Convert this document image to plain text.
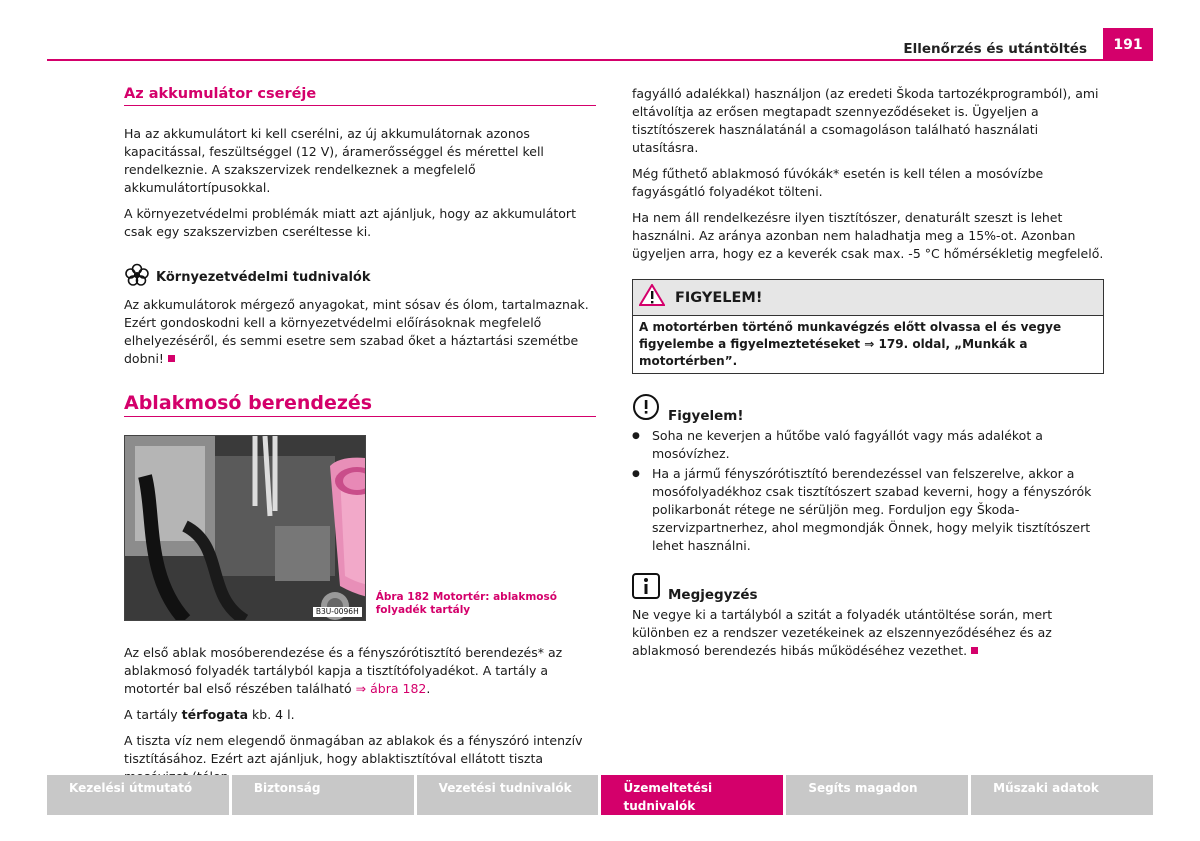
Ellenőrzés és utántöltés	191
Az akkumulátor cseréje

Ha az akkumulátort ki kell cserélni, az új akkumulátornak azonos kapacitással, feszültséggel (12 V), áramerősséggel és mérettel kell rendelkeznie. A szakszervizek rendelkeznek a megfelelő akkumulátortípusokkal.

A környezetvédelmi problémák miatt azt ajánljuk, hogy az akkumulátort csak egy szakszervizben cseréltesse ki.

Környezetvédelmi tudnivalók

Az akkumulátorok mérgező anyagokat, mint sósav és ólom, tartalmaznak. Ezért gondoskodni kell a környezetvédelmi előírásoknak megfelelő elhelyezéséről, és semmi esetre sem szabad őket a háztartási szemétbe dobni!

Ablakmosó berendezés
B3U-0096H
Ábra 182 Motortér: ablakmosó folyadék tartály

Az első ablak mosóberendezése és a fényszórótisztító berendezés* az ablakmosó folyadék tartályból kapja a tisztítófolyadékot. A tartály a motortér bal első részében található ⇒ ábra 182.

A tartály térfogata kb. 4 l.

A tiszta víz nem elegendő önmagában az ablakok és a fényszóró intenzív tisztításához. Ezért azt ajánljuk, hogy ablaktisztítóval ellátott tiszta

fagyálló adalékkal) használjon (az eredeti Škoda tartozékprogramból), ami eltávolítja az erősen megtapadt szennyeződéseket is. Ügyeljen a tisztítószerek használatánál a csomagoláson található használati utasításra.

Még fűthető ablakmosó fúvókák* esetén is kell télen a mosóvízbe fagyásgátló folyadékot tölteni.

Ha nem áll rendelkezésre ilyen tisztítószer, denaturált szeszt is lehet használni. Az aránya azonban nem haladhatja meg a 15%-ot. Azonban ügyeljen arra, hogy ez a keverék csak max. -5 °C hőmérsékletig megfelelő.

FIGYELEM!
A motortérben történő munkavégzés előtt olvassa el és vegye figyelembe a figyelmeztetéseket ⇒ 179. oldal, „Munkák a motortérben”.
Figyelem!
● Soha ne keverjen a hűtőbe való fagyállót vagy más adalékot a mosóvízhez.
● Ha a jármű fényszórótisztító berendezéssel van felszerelve, akkor a mosófolyadékhoz csak tisztítószert szabad keverni, hogy a fényszórók polikarbonát rétege ne sérüljön meg. Forduljon egy Škoda-szervizpartnerhez, ahol megmondják Önnek, hogy melyik tisztítószert lehet használni.
Megjegyzés

Ne vegye ki a tartályból a szitát a folyadék utántöltése során, mert különben ez a rendszer vezetékeinek az elszennyeződéséhez és az ablakmosó berendezés hibás működéséhez vezethet.

Kezelési útmutató	Biztonság	Vezetési tudnivalók	Üzemeltetési tudnivalók
Segíts magadon	Műszaki adatok
